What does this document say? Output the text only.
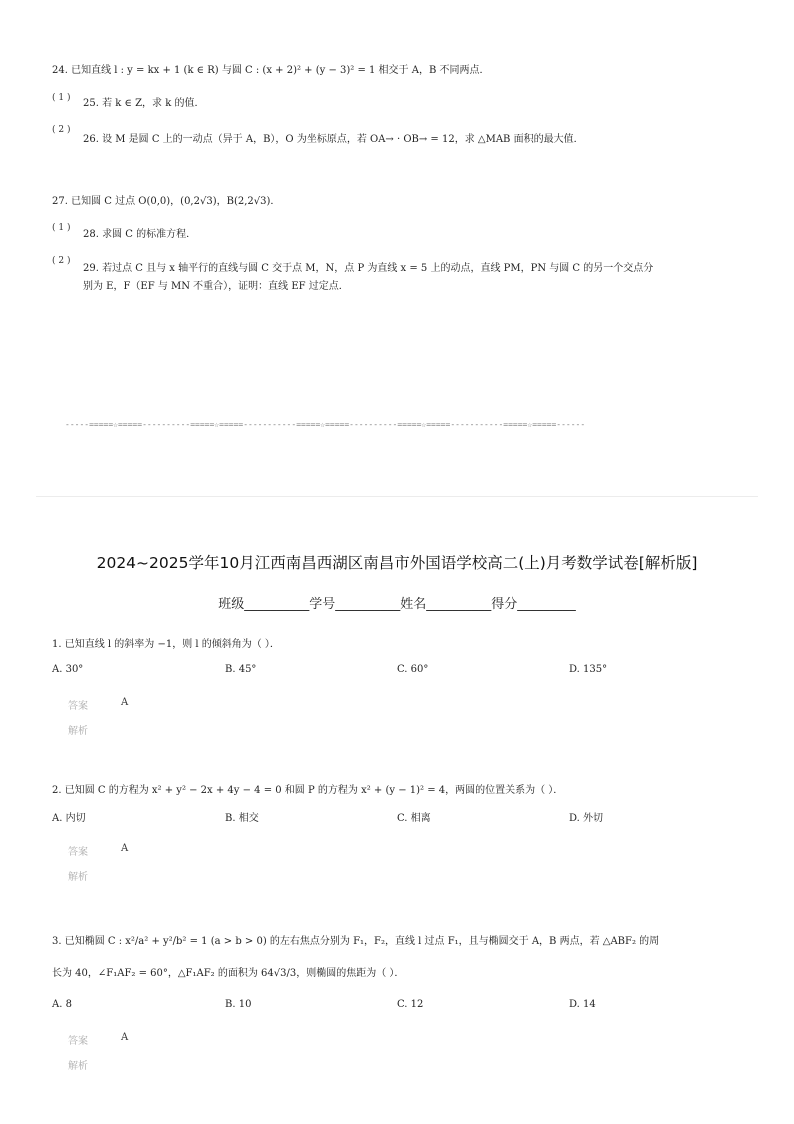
24. 已知直线 l : y = kx + 1 (k ∈ R) 与圆 C : (x + 2)² + (y − 3)² = 1 相交于 A，B 不同两点．
( 1 ) 25. 若 k ∈ Z，求 k 的值．
( 2 )
26. 设 M 是圆 C 上的一动点（异于 A，B），O 为坐标原点，若 OA→ · OB→ = 12，求 △MAB 面积的最大值．
27. 已知圆 C 过点 O(0,0)，(0,2√3)，B(2,2√3)．
( 1 )
28. 求圆 C 的标准方程．
( 2 )
29. 若过点 C 且与 x 轴平行的直线与圆 C 交于点 M，N，点 P 为直线 x = 5 上的动点，直线 PM，PN 与圆 C 的另一个交点分
别为 E，F（EF 与 MN 不重合），证明：直线 EF 过定点．
-----=====☆=====----------=====☆=====-----------=====☆=====----------=====☆=====-----------=====☆=====------
2024~2025学年10月江西南昌西湖区南昌市外国语学校高二(上)月考数学试卷[解析版]
班级__________学号__________姓名__________得分_________
1. 已知直线 l 的斜率为 −1，则 l 的倾斜角为（ ）．
A. 30°	B. 45°	C. 60°	D. 135°
答案	A
解析
2. 已知圆 C 的方程为 x² + y² − 2x + 4y − 4 = 0 和圆 P 的方程为 x² + (y − 1)² = 4，两圆的位置关系为（ ）．
A. 内切	B. 相交	C. 相离	D. 外切
答案	A
解析
3. 已知椭圆 C : x²/a² + y²/b² = 1 (a > b > 0) 的左右焦点分别为 F₁，F₂，直线 l 过点 F₁，且与椭圆交于 A，B 两点，若 △ABF₂ 的周
长为 40，∠F₁AF₂ = 60°，△F₁AF₂ 的面积为 64√3/3，则椭圆的焦距为（ ）．
A. 8	B. 10	C. 12	D. 14
答案	A
解析
